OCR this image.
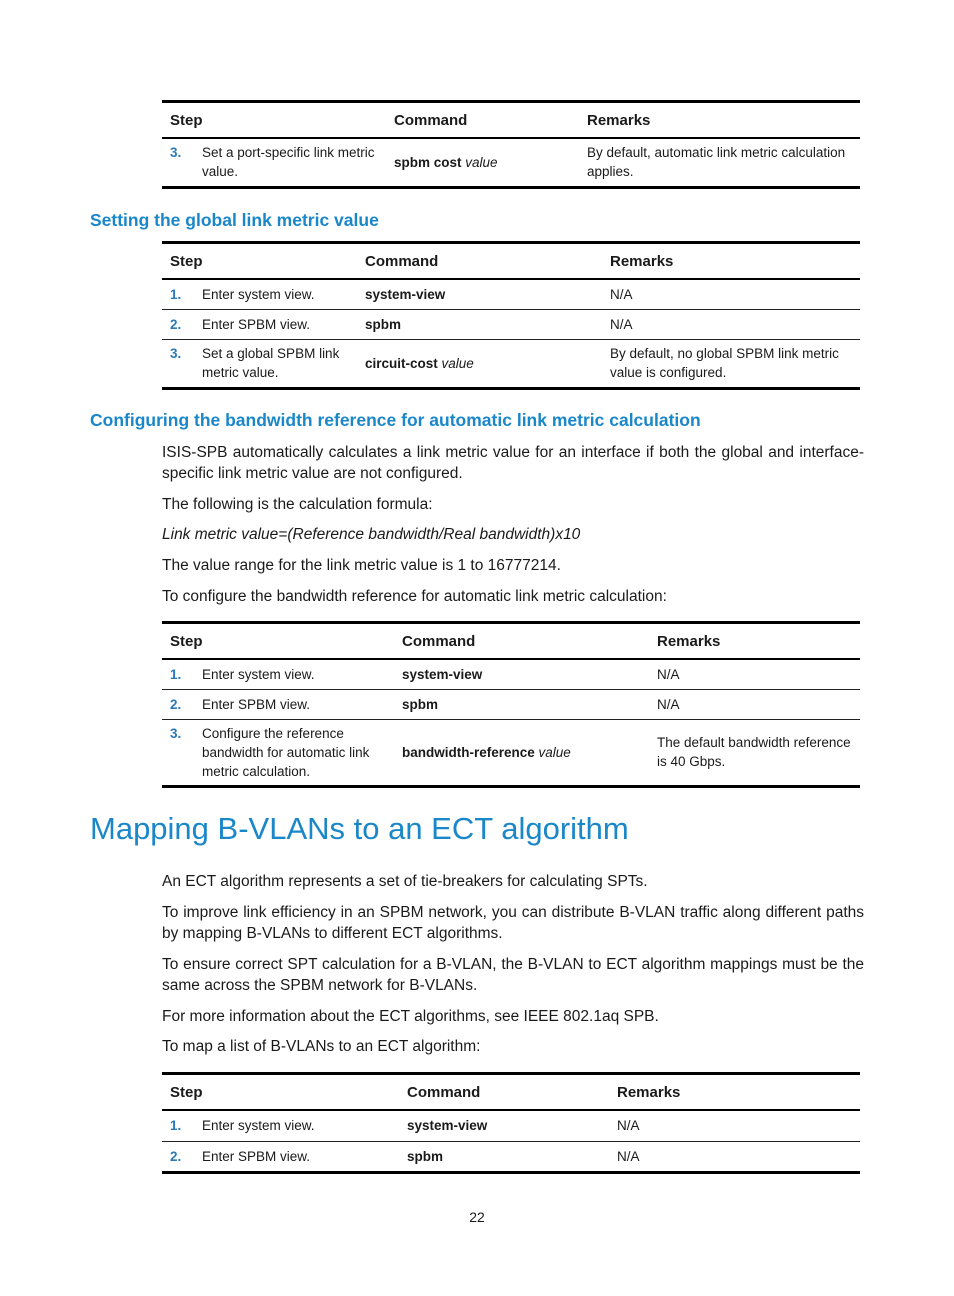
Step	Command	Remarks

3. Set a port-specific link metric value.	spbm cost value	By default, automatic link metric calculation applies.
Setting the global link metric value
Step	Command	Remarks

1. Enter system view.	system-view	N/A

2. Enter SPBM view.	spbm	N/A

3. Set a global SPBM link metric value.	circuit-cost value	By default, no global SPBM link metric value is configured.
Configuring the bandwidth reference for automatic link metric calculation

ISIS-SPB automatically calculates a link metric value for an interface if both the global and interface-specific link metric value are not configured.

The following is the calculation formula:

Link metric value=(Reference bandwidth/Real bandwidth)x10

The value range for the link metric value is 1 to 16777214.

To configure the bandwidth reference for automatic link metric calculation:

Step	Command	Remarks

1. Enter system view.	system-view	N/A

2. Enter SPBM view.	spbm	N/A

3. Configure the reference bandwidth for automatic link metric calculation.	bandwidth-reference value	The default bandwidth reference is 40 Gbps.
Mapping B-VLANs to an ECT algorithm

An ECT algorithm represents a set of tie-breakers for calculating SPTs.

To improve link efficiency in an SPBM network, you can distribute B-VLAN traffic along different paths by mapping B-VLANs to different ECT algorithms.

To ensure correct SPT calculation for a B-VLAN, the B-VLAN to ECT algorithm mappings must be the same across the SPBM network for B-VLANs.

For more information about the ECT algorithms, see IEEE 802.1aq SPB.

To map a list of B-VLANs to an ECT algorithm:

Step	Command	Remarks

1. Enter system view.	system-view	N/A

2. Enter SPBM view.	spbm	N/A
22
